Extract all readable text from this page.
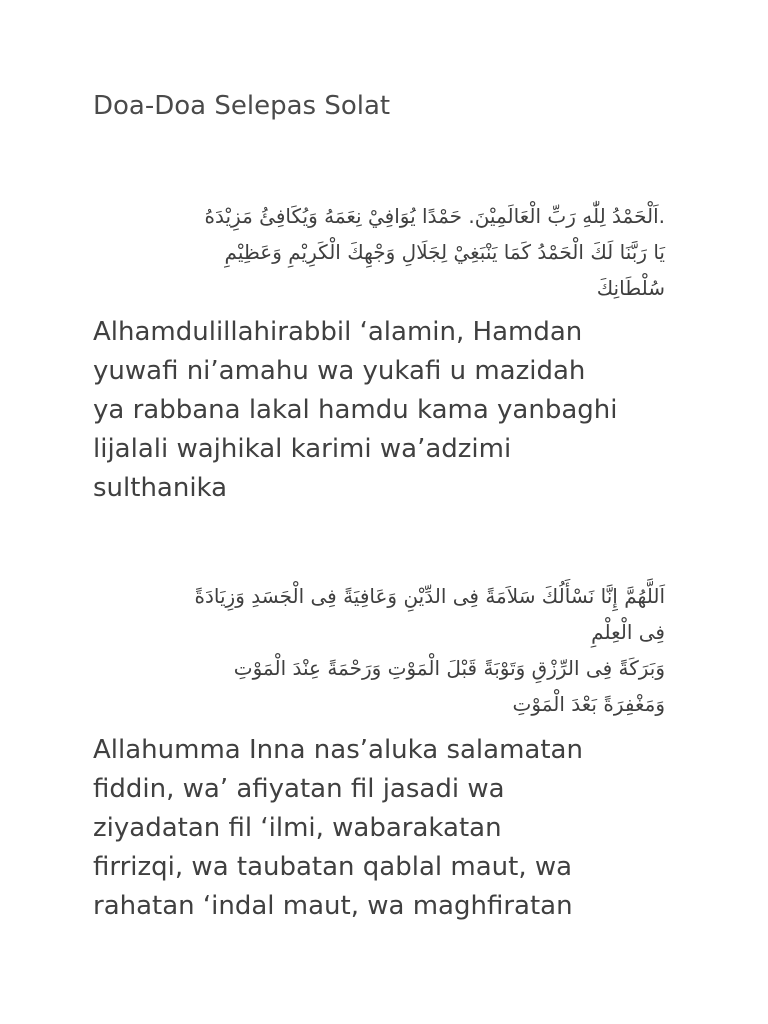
Doa-Doa Selepas Solat
.اَلْحَمْدُ لِلّٰهِ رَبِّ الْعَالَمِيْنَ. حَمْدًا يُوَافِيْ نِعَمَهُ وَيُكَافِئُ مَزِيْدَهُ
يَا رَبَّنَا لَكَ الْحَمْدُ كَمَا يَنْبَغِيْ لِجَلَالِ وَجْهِكَ الْكَرِيْمِ وَعَظِيْمِ
سُلْطَانِكَ
Alhamdulillahirabbil ‘alamin, Hamdan
yuwafi ni’amahu wa yukafi u mazidah
ya rabbana lakal hamdu kama yanbaghi
lijalali wajhikal karimi wa’adzimi
sulthanika
اَللَّهُمَّ إِنَّا نَسْأَلُكَ سَلاَمَةً فِى الدِّيْنِ وَعَافِيَةً فِى الْجَسَدِ وَزِيَادَةً
فِى الْعِلْمِ
وَبَرَكَةً فِى الرِّزْقِ وَتَوْبَةً قَبْلَ الْمَوْتِ وَرَحْمَةً عِنْدَ الْمَوْتِ
وَمَغْفِرَةً بَعْدَ الْمَوْتِ
Allahumma Inna nas’aluka salamatan
fiddin, wa’ afiyatan fil jasadi wa
ziyadatan fil ‘ilmi, wabarakatan
firrizqi, wa taubatan qablal maut, wa
rahatan ‘indal maut, wa maghfiratan
